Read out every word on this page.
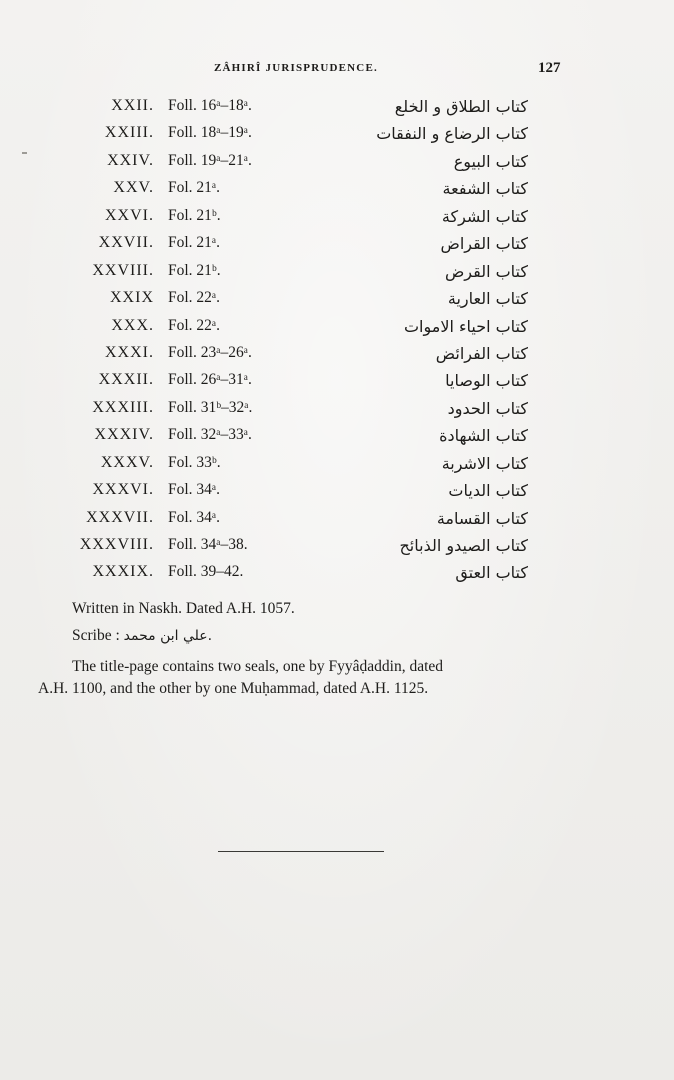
ZÂHIRÎ JURISPRUDENCE.	127
XXII. Foll. 16ᵃ–18ᵃ.	كتاب الطلاق و الخلع
XXIII. Foll. 18ᵃ–19ᵃ.	كتاب الرضاع و النفقات
XXIV. Foll. 19ᵃ–21ᵃ.	كتاب البيوع
XXV. Fol. 21ᵃ.	كتاب الشفعة
XXVI. Fol. 21ᵇ.	كتاب الشركة
XXVII. Fol. 21ᵃ.	كتاب القراض
XXVIII. Fol. 21ᵇ.	كتاب القرض
XXIX Fol. 22ᵃ.	كتاب العارية
XXX. Fol. 22ᵃ.	كتاب احياء الاموات
XXXI. Foll. 23ᵃ–26ᵃ.	كتاب الفرائض
XXXII. Foll. 26ᵃ–31ᵃ.	كتاب الوصايا
XXXIII. Foll. 31ᵇ–32ᵃ.	كتاب الحدود
XXXIV. Foll. 32ᵃ–33ᵃ.	كتاب الشهادة
XXXV. Fol. 33ᵇ.	كتاب الاشربة
XXXVI. Fol. 34ᵃ.	كتاب الديات
XXXVII. Fol. 34ᵃ.	كتاب القسامة
XXXVIII. Foll. 34ᵃ–38.	كتاب الصيدو الذبائح
XXXIX. Foll. 39–42.	كتاب العتق
Written in Naskh. Dated A.H. 1057.
Scribe : علي ابن محمد.

The title-page contains two seals, one by Fyyâḍaddin, dated
A.H. 1100, and the other by one Muḥammad, dated A.H. 1125.
